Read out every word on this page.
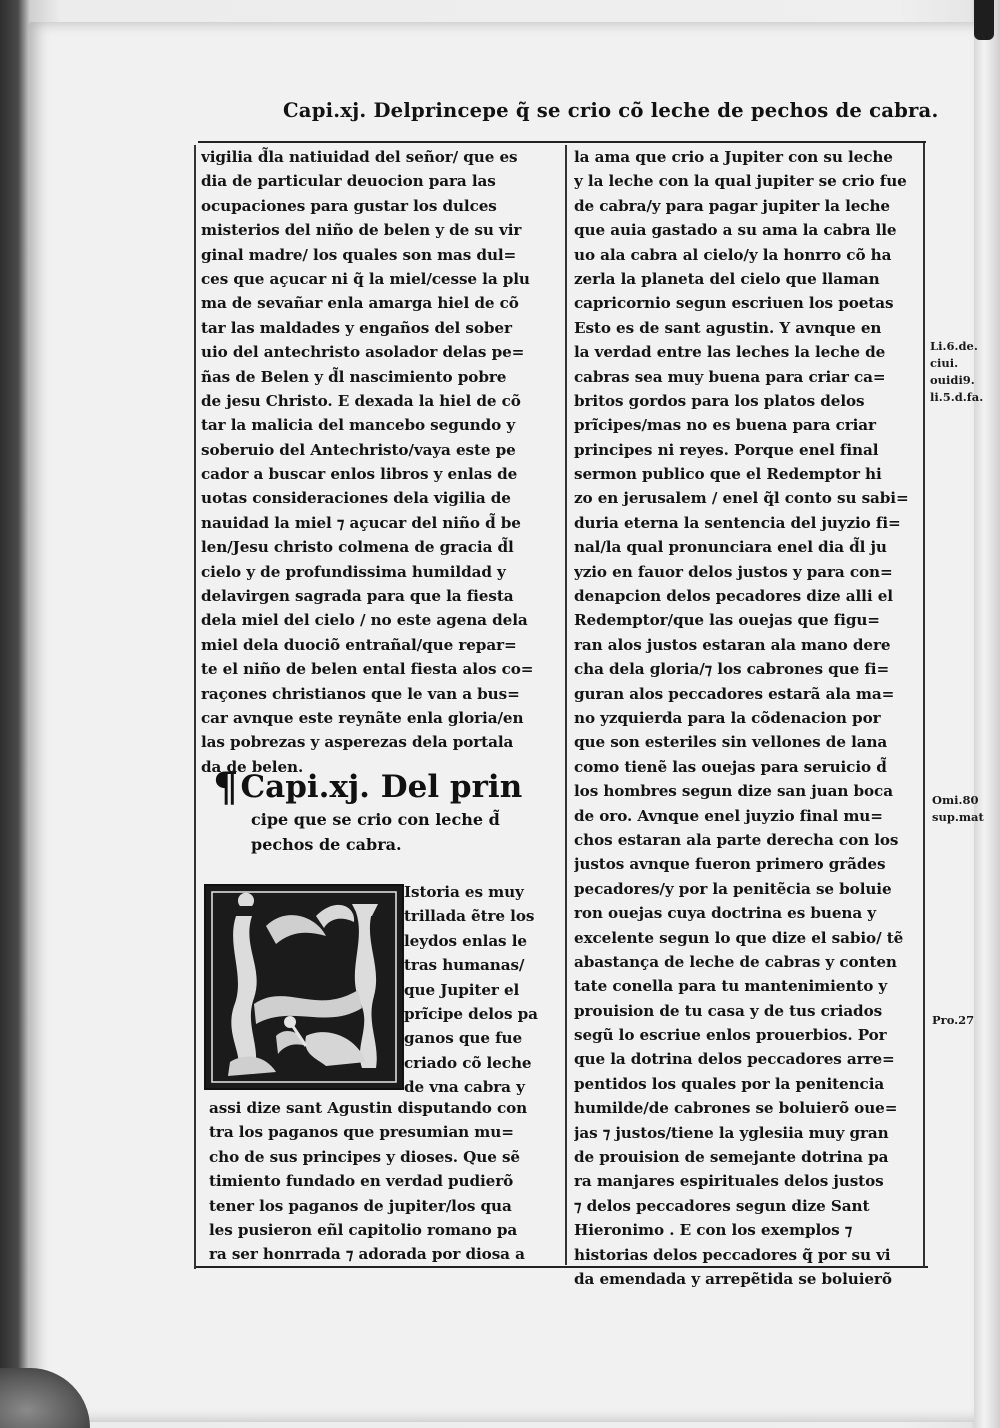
Capi.xj. Delprincepe q̃ se crio cõ leche de pechos de cabra.
vigilia d̃la natiuidad del señor/ que es
dia de particular deuocion para las
ocupaciones para gustar los dulces
misterios del niño de belen y de su vir
ginal madre/ los quales son mas dul=
ces que açucar ni q̃ la miel/cesse la plu
ma de sevañar enla amarga hiel de cõ
tar las maldades y engaños del sober
uio del antechristo asolador delas pe=
ñas de Belen y d̃l nascimiento pobre
de jesu Christo. E dexada la hiel de cõ
tar la malicia del mancebo segundo y
soberuio del Antechristo/vaya este pe
cador a buscar enlos libros y enlas de
uotas consideraciones dela vigilia de
nauidad la miel ⁊ açucar del niño d̃ be
len/Jesu christo colmena de gracia d̃l
cielo y de profundissima humildad y
delavirgen sagrada para que la fiesta
dela miel del cielo / no este agena dela
miel dela duociõ entrañal/que repar=
te el niño de belen ental fiesta alos co=
raçones christianos que le van a bus=
car avnque este reynãte enla gloria/en
las pobrezas y asperezas dela portala
da de belen.
¶Capi.xj. Del prin
cipe que se crio con leche d̃
pechos de cabra.
Istoria es muy
trillada ẽtre los
leydos enlas le
tras humanas/
que Jupiter el
prĩcipe delos pa
ganos que fue
criado cõ leche
de vna cabra y
assi dize sant Agustin disputando con
tra los paganos que presumian mu=
cho de sus principes y dioses. Que sẽ
timiento fundado en verdad pudierõ
tener los paganos de jupiter/los qua
les pusieron eñl capitolio romano pa
ra ser honrrada ⁊ adorada por diosa a
la ama que crio a Jupiter con su leche
y la leche con la qual jupiter se crio fue
de cabra/y para pagar jupiter la leche
que auia gastado a su ama la cabra lle
uo ala cabra al cielo/y la honrro cõ ha
zerla la planeta del cielo que llaman
capricornio segun escriuen los poetas
Esto es de sant agustin. Y avnque en
la verdad entre las leches la leche de
cabras sea muy buena para criar ca=
britos gordos para los platos delos
prĩcipes/mas no es buena para criar
principes ni reyes. Porque enel final
sermon publico que el Redemptor hi
zo en jerusalem / enel q̃l conto su sabi=
duria eterna la sentencia del juyzio fi=
nal/la qual pronunciara enel dia d̃l ju
yzio en fauor delos justos y para con=
denapcion delos pecadores dize alli el
Redemptor/que las ouejas que figu=
ran alos justos estaran ala mano dere
cha dela gloria/⁊ los cabrones que fi=
guran alos peccadores estarã ala ma=
no yzquierda para la cõdenacion por
que son esteriles sin vellones de lana
como tienẽ las ouejas para seruicio d̃
los hombres segun dize san juan boca
de oro. Avnque enel juyzio final mu=
chos estaran ala parte derecha con los
justos avnque fueron primero grãdes
pecadores/y por la penitẽcia se boluie
ron ouejas cuya doctrina es buena y
excelente segun lo que dize el sabio/ tẽ
abastança de leche de cabras y conten
tate conella para tu mantenimiento y
prouision de tu casa y de tus criados
segũ lo escriue enlos prouerbios. Por
que la dotrina delos peccadores arre=
pentidos los quales por la penitencia
humilde/de cabrones se boluierõ oue=
jas ⁊ justos/tiene la yglesiia muy gran
de prouision de semejante dotrina pa
ra manjares espirituales delos justos
⁊ delos peccadores segun dize Sant
Hieronimo . E con los exemplos ⁊
historias delos peccadores q̃ por su vi
da emendada y arrepẽtida se boluierõ
Li.6.de.
ciui.
ouidi9.
li.5.d.fa.
Omi.80
sup.mat
Pro.27
